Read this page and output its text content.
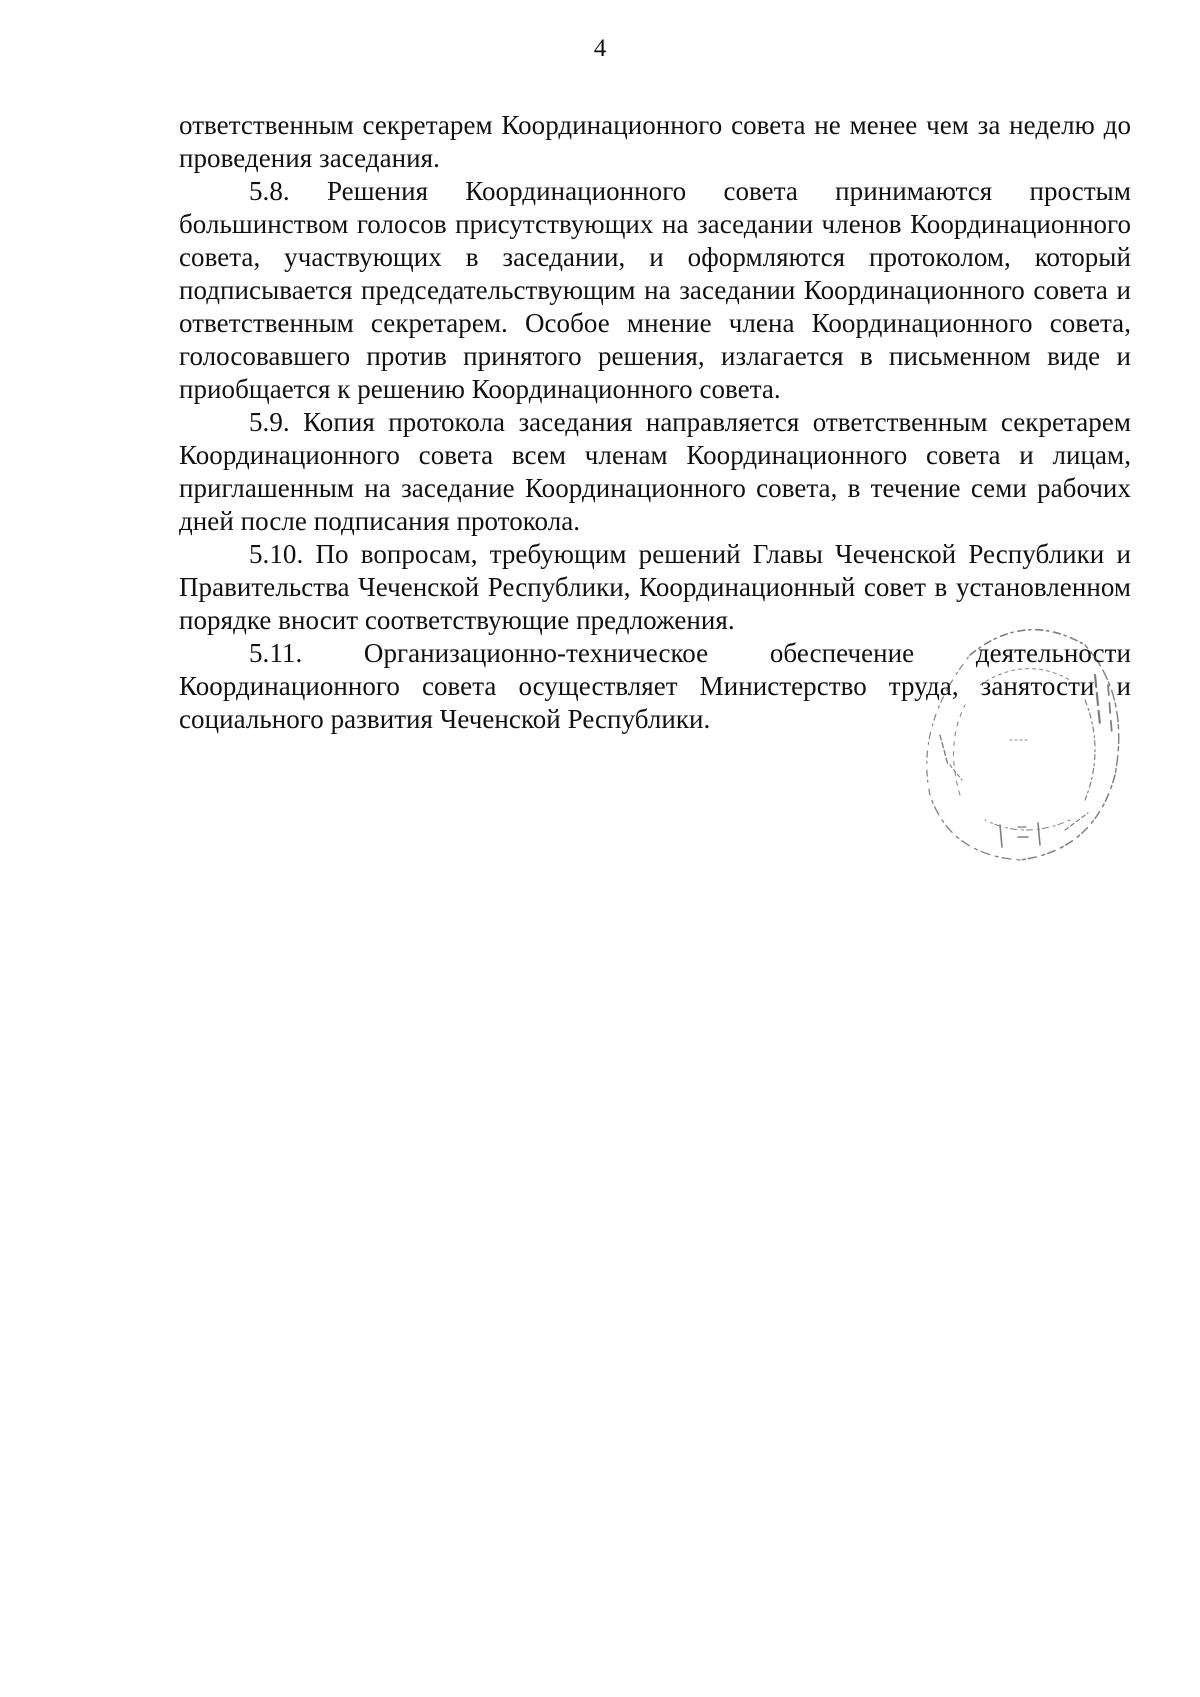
4

ответственным секретарем Координационного совета не менее чем за неделю до проведения заседания.

5.8. Решения Координационного совета принимаются простым большинством голосов присутствующих на заседании членов Координационного совета, участвующих в заседании, и оформляются протоколом, который подписывается председательствующим на заседании Координационного совета и ответственным секретарем. Особое мнение члена Координационного совета, голосовавшего против принятого решения, излагается в письменном виде и приобщается к решению Координационного совета.

5.9. Копия протокола заседания направляется ответственным секретарем Координационного совета всем членам Координационного совета и лицам, приглашенным на заседание Координационного совета, в течение семи рабочих дней после подписания протокола.

5.10. По вопросам, требующим решений Главы Чеченской Республики и Правительства Чеченской Республики, Координационный совет в установленном порядке вносит соответствующие предложения.

5.11. Организационно-техническое обеспечение деятельности Координационного совета осуществляет Министерство труда, занятости и социального развития Чеченской Республики.
